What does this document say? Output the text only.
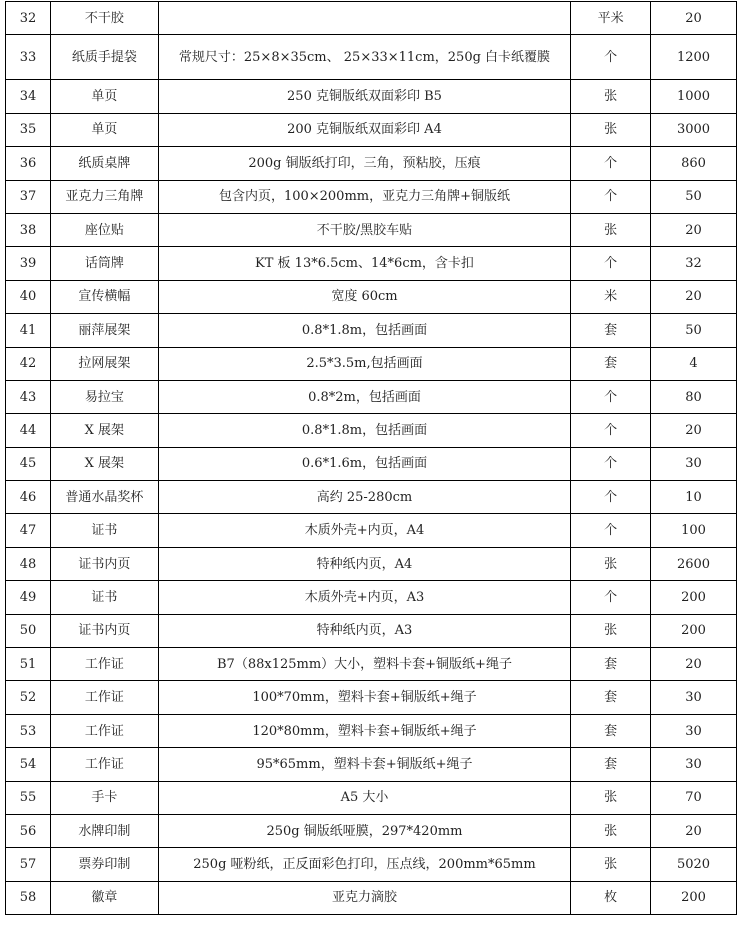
32	不干胶		平米	20
33	纸质手提袋	常规尺寸：25×8×35cm、 25×33×11cm，250g 白卡纸覆膜	个	1200
34	单页	250 克铜版纸双面彩印 B5	张	1000
35	单页	200 克铜版纸双面彩印 A4	张	3000
36	纸质桌牌	200g 铜版纸打印，三角，预粘胶，压痕	个	860
37	亚克力三角牌	包含内页，100×200mm，亚克力三角牌+铜版纸	个	50
38	座位贴	不干胶/黑胶车贴	张	20
39	话筒牌	KT 板 13*6.5cm、14*6cm，含卡扣	个	32
40	宣传横幅	宽度 60cm	米	20
41	丽萍展架	0.8*1.8m，包括画面	套	50
42	拉网展架	2.5*3.5m,包括画面	套	4
43	易拉宝	0.8*2m，包括画面	个	80
44	X 展架	0.8*1.8m，包括画面	个	20
45	X 展架	0.6*1.6m，包括画面	个	30
46	普通水晶奖杯	高约 25-280cm	个	10
47	证书	木质外壳+内页，A4	个	100
48	证书内页	特种纸内页，A4	张	2600
49	证书	木质外壳+内页，A3	个	200
50	证书内页	特种纸内页，A3	张	200
51	工作证	B7（88x125mm）大小，塑料卡套+铜版纸+绳子	套	20
52	工作证	100*70mm，塑料卡套+铜版纸+绳子	套	30
53	工作证	120*80mm，塑料卡套+铜版纸+绳子	套	30
54	工作证	95*65mm，塑料卡套+铜版纸+绳子	套	30
55	手卡	A5 大小	张	70
56	水牌印制	250g 铜版纸哑膜，297*420mm	张	20
57	票券印制	250g 哑粉纸，正反面彩色打印，压点线，200mm*65mm	张	5020
58	徽章	亚克力滴胶	枚	200
